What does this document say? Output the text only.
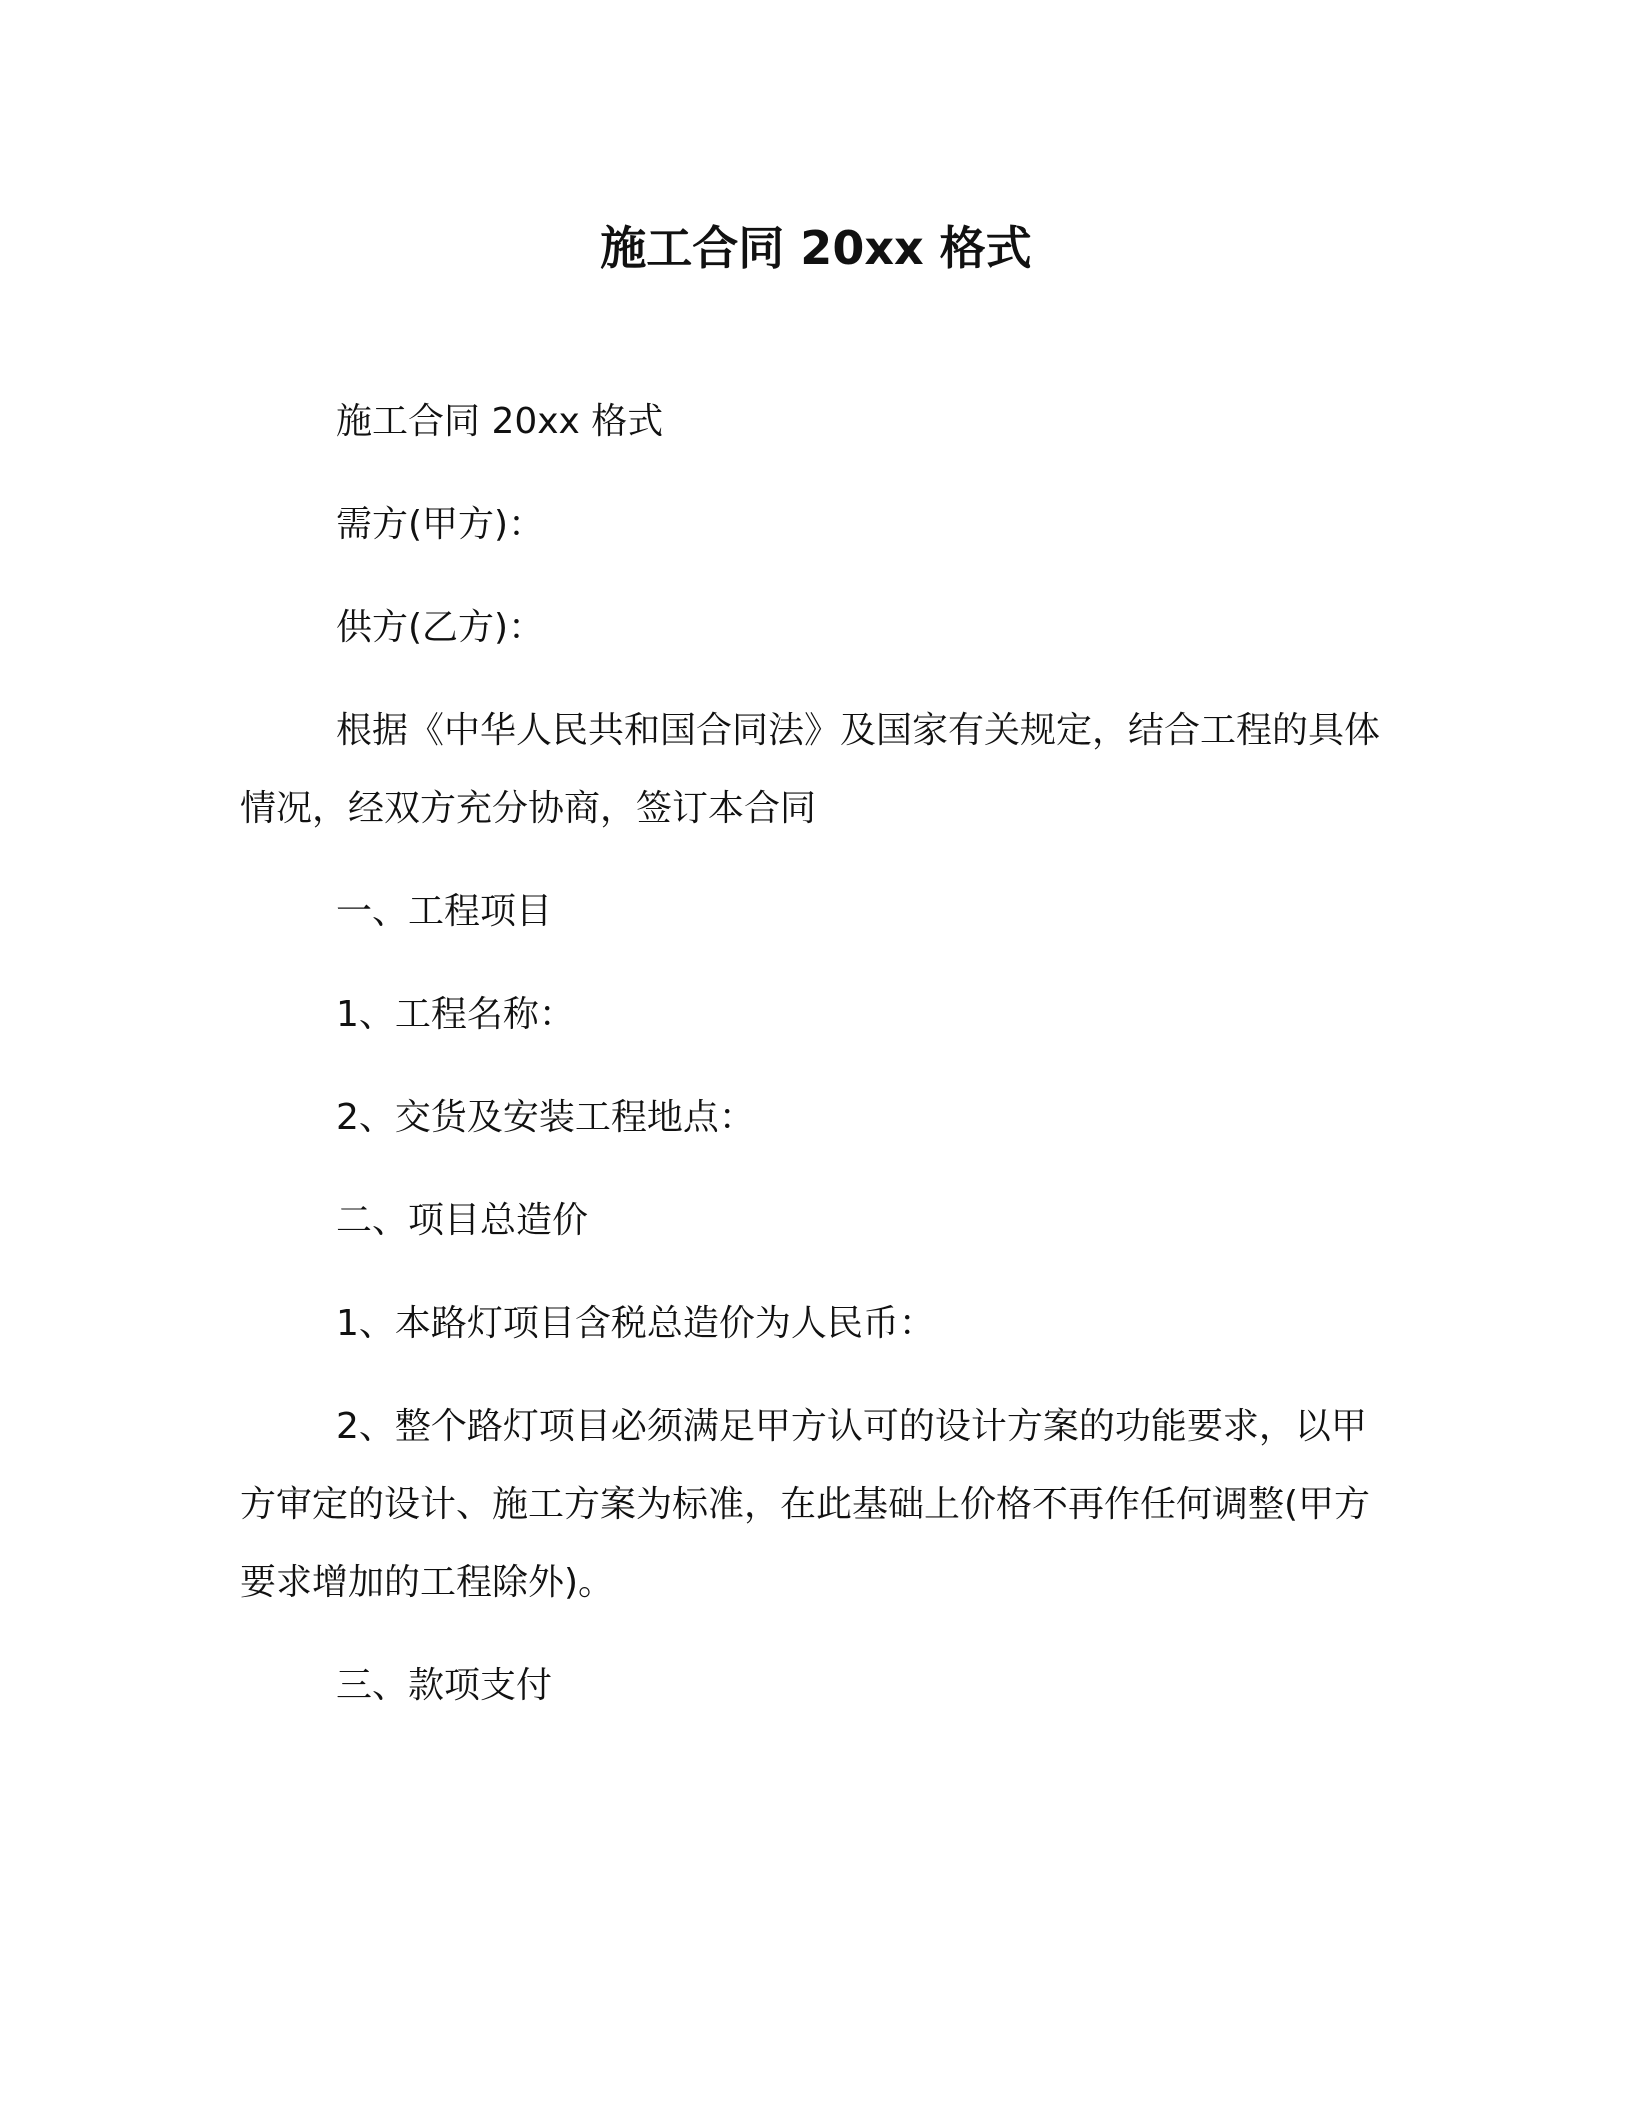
施工合同 20xx 格式
施工合同 20xx 格式
需方(甲方)：
供方(乙方)：
根据《中华人民共和国合同法》及国家有关规定，结合工程的具体情况，经双方充分协商，签订本合同
一、工程项目
1、工程名称：
2、交货及安装工程地点：
二、项目总造价
1、本路灯项目含税总造价为人民币：
2、整个路灯项目必须满足甲方认可的设计方案的功能要求，以甲方审定的设计、施工方案为标准，在此基础上价格不再作任何调整(甲方要求增加的工程除外)。
三、款项支付
